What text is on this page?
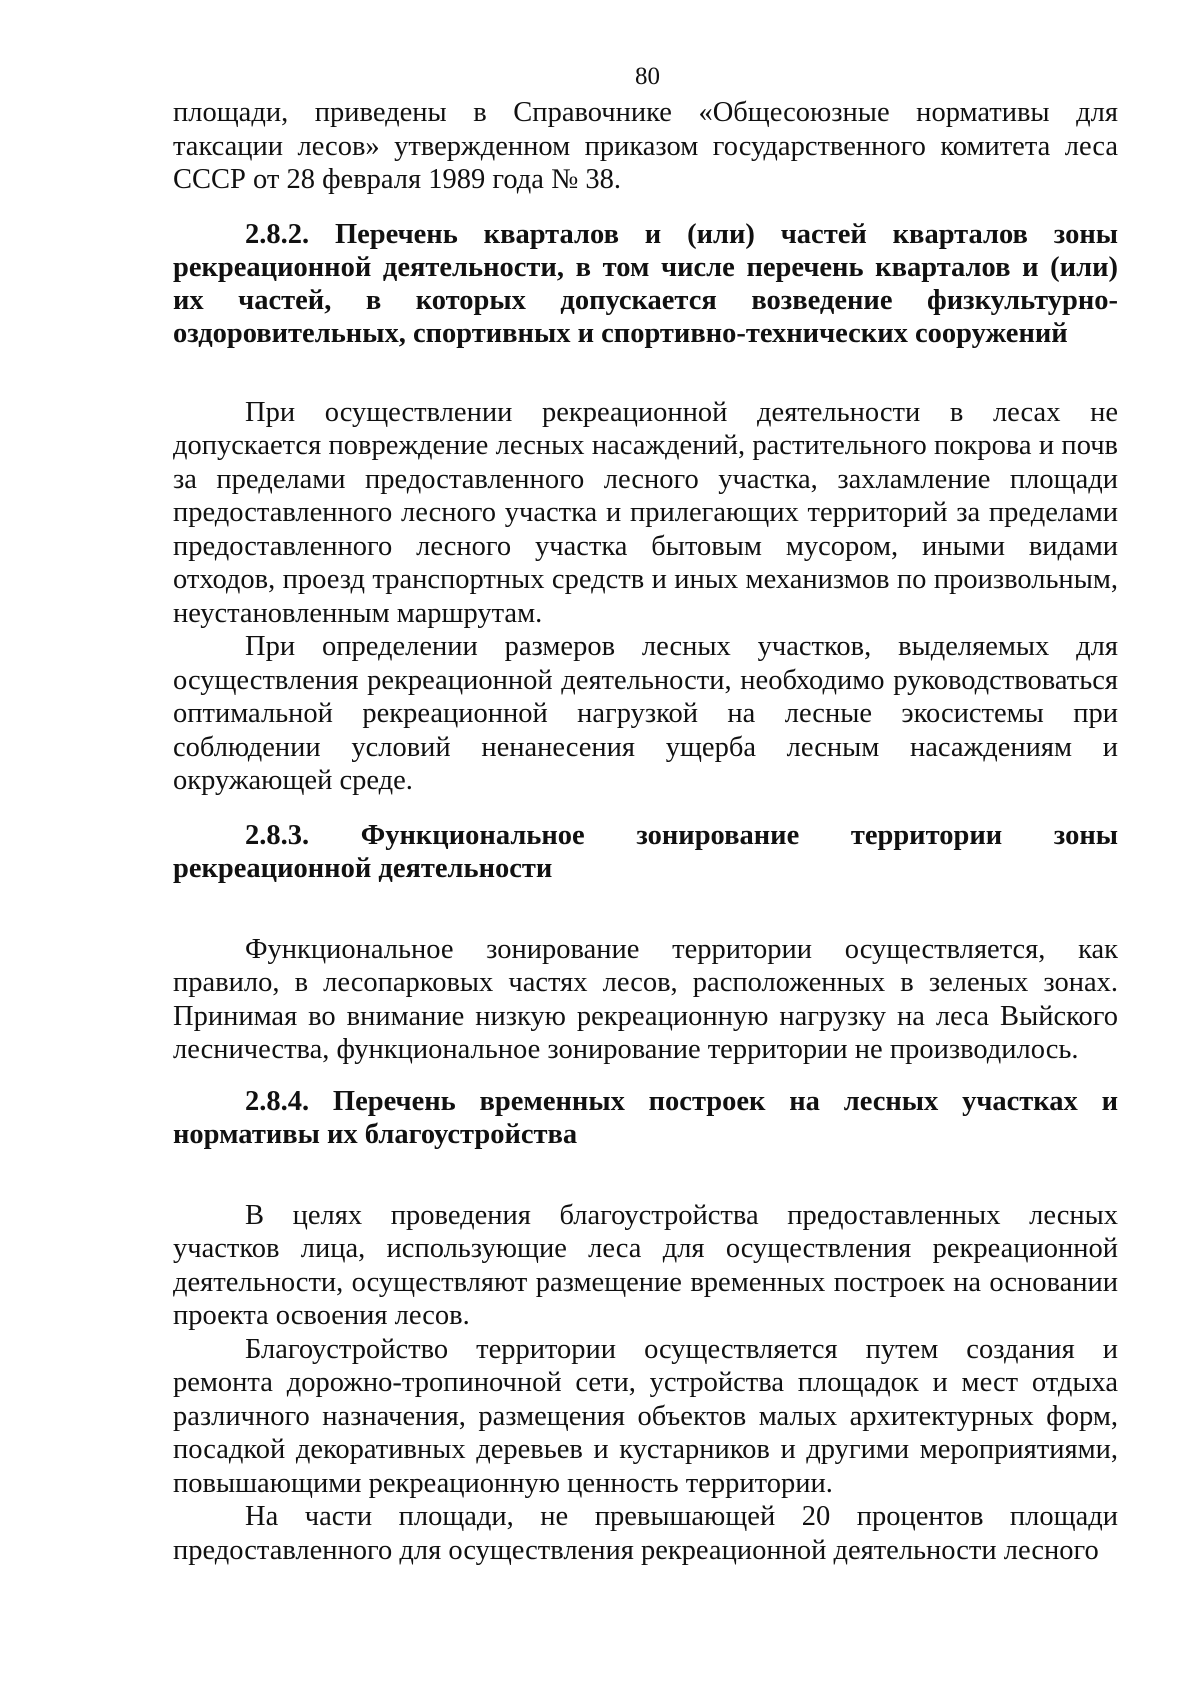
80

площади, приведены в Справочнике «Общесоюзные нормативы для таксации лесов» утвержденном приказом государственного комитета леса СССР от 28 февраля 1989 года № 38.

2.8.2. Перечень кварталов и (или) частей кварталов зоны рекреационной деятельности, в том числе перечень кварталов и (или) их частей, в которых допускается возведение физкультурно-оздоровительных, спортивных и спортивно-технических сооружений

При осуществлении рекреационной деятельности в лесах не допускается повреждение лесных насаждений, растительного покрова и почв за пределами предоставленного лесного участка, захламление площади предоставленного лесного участка и прилегающих территорий за пределами предоставленного лесного участка бытовым мусором, иными видами отходов, проезд транспортных средств и иных механизмов по произвольным, неустановленным маршрутам.

При определении размеров лесных участков, выделяемых для осуществления рекреационной деятельности, необходимо руководствоваться оптимальной рекреационной нагрузкой на лесные экосистемы при соблюдении условий ненанесения ущерба лесным насаждениям и окружающей среде.

2.8.3. Функциональное зонирование территории зоны рекреационной деятельности

Функциональное зонирование территории осуществляется, как правило, в лесопарковых частях лесов, расположенных в зеленых зонах. Принимая во внимание низкую рекреационную нагрузку на леса Выйского лесничества, функциональное зонирование территории не производилось.

2.8.4. Перечень временных построек на лесных участках и нормативы их благоустройства

В целях проведения благоустройства предоставленных лесных участков лица, использующие леса для осуществления рекреационной деятельности, осуществляют размещение временных построек на основании проекта освоения лесов.

Благоустройство территории осуществляется путем создания и ремонта дорожно-тропиночной сети, устройства площадок и мест отдыха различного назначения, размещения объектов малых архитектурных форм, посадкой декоративных деревьев и кустарников и другими мероприятиями, повышающими рекреационную ценность территории.

На части площади, не превышающей 20 процентов площади предоставленного для осуществления рекреационной деятельности лесного
